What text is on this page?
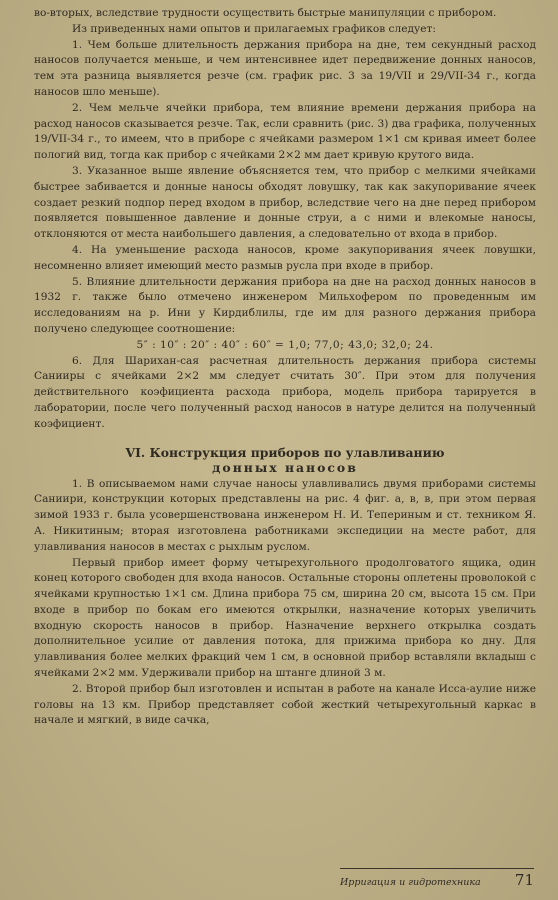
во-вторых, вследствие трудности осуществить быстрые манипуляции с прибором.

Из приведенных нами опытов и прилагаемых графиков следует:

1. Чем больше длительность держания прибора на дне, тем секундный расход наносов получается меньше, и чем интенсивнее идет передвижение донных наносов, тем эта разница выявляется резче (см. график рис. 3 за 19/VII и 29/VII-34 г., когда наносов шло меньше).

2. Чем мельче ячейки прибора, тем влияние времени держания прибора на расход наносов сказывается резче. Так, если сравнить (рис. 3) два графика, полученных 19/VII-34 г., то имеем, что в приборе с ячейками размером 1×1 см кривая имеет более пологий вид, тогда как прибор с ячейками 2×2 мм дает кривую крутого вида.

3. Указанное выше явление объясняется тем, что прибор с мелкими ячейками быстрее забивается и донные наносы обходят ловушку, так как закупоривание ячеек создает резкий подпор перед входом в прибор, вследствие чего на дне перед прибором появляется повышенное давление и донные струи, а с ними и влекомые наносы, отклоняются от места наибольшего давления, а следовательно от входа в прибор.

4. На уменьшение расхода наносов, кроме закупоривания ячеек ловушки, несомненно влияет имеющий место размыв русла при входе в прибор.

5. Влияние длительности держания прибора на дне на расход донных наносов в 1932 г. также было отмечено инженером Мильхофером по проведенным им исследованиям на р. Ини у Кирдиблилы, где им для разного держания прибора получено следующее соотношение:

5″ : 10″ : 20″ : 40″ : 60″ = 1,0; 77,0; 43,0; 32,0; 24.

6. Для Шарихан-сая расчетная длительность держания прибора системы Санииры с ячейками 2×2 мм следует считать 30″. При этом для получения действительного коэфициента расхода прибора, модель прибора тарируется в лаборатории, после чего полученный расход наносов в натуре делится на полученный коэфициент.

VI. Конструкция приборов по улавливанию
донных наносов

1. В описываемом нами случае наносы улавливались двумя приборами системы Саниири, конструкции которых представлены на рис. 4 фиг. а, в, в, при этом первая зимой 1933 г. была усовершенствована инженером Н. И. Тепериным и ст. техником Я. А. Никитиным; вторая изготовлена работниками экспедиции на месте работ, для улавливания наносов в местах с рыхлым руслом.

Первый прибор имеет форму четырехугольного продолговатого ящика, один конец которого свободен для входа наносов. Остальные стороны оплетены проволокой с ячейками крупностью 1×1 см. Длина прибора 75 см, ширина 20 см, высота 15 см. При входе в прибор по бокам его имеются открылки, назначение которых увеличить входную скорость наносов в прибор. Назначение верхнего открылка создать дополнительное усилие от давления потока, для прижима прибора ко дну. Для улавливания более мелких фракций чем 1 см, в основной прибор вставляли вкладыш с ячейками 2×2 мм. Удерживали прибор на штанге длиной 3 м.

2. Второй прибор был изготовлен и испытан в работе на канале Исса-аулие ниже головы на 13 км. Прибор представляет собой жесткий четырехугольный каркас в начале и мягкий, в виде сачка,

Ирригация и гидротехника 71
